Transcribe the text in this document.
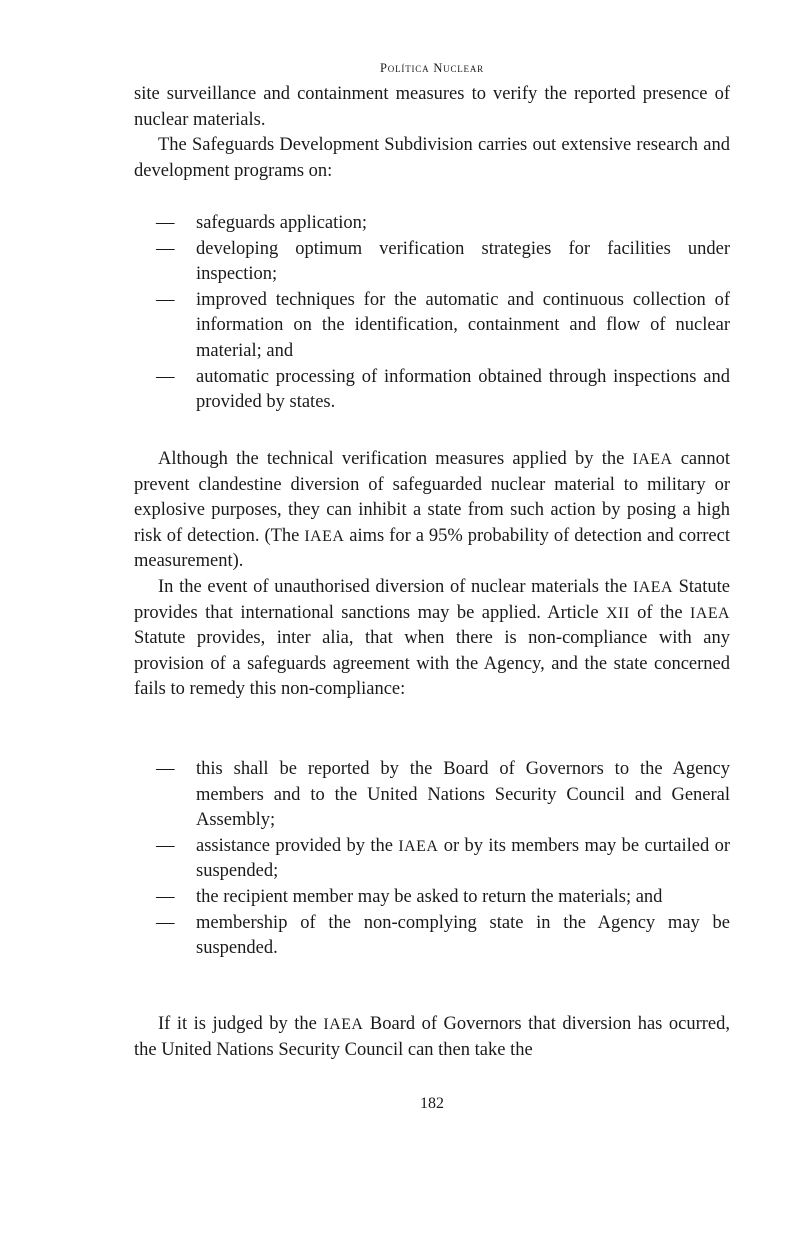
Política Nuclear

site surveillance and containment measures to verify the reported presence of nuclear materials.

The Safeguards Development Subdivision carries out extensive research and development programs on:

— safeguards application;
— developing optimum verification strategies for facilities under inspection;
— improved techniques for the automatic and continuous collection of information on the identification, containment and flow of nuclear material; and
— automatic processing of information obtained through inspections and provided by states.

Although the technical verification measures applied by the IAEA cannot prevent clandestine diversion of safeguarded nuclear material to military or explosive purposes, they can inhibit a state from such action by posing a high risk of detection. (The IAEA aims for a 95% probability of detection and correct measurement).

In the event of unauthorised diversion of nuclear materials the IAEA Statute provides that international sanctions may be applied. Article XII of the IAEA Statute provides, inter alia, that when there is non-compliance with any provision of a safeguards agreement with the Agency, and the state concerned fails to remedy this non-compliance:

— this shall be reported by the Board of Governors to the Agency members and to the United Nations Security Council and General Assembly;
— assistance provided by the IAEA or by its members may be curtailed or suspended;
— the recipient member may be asked to return the materials; and
— membership of the non-complying state in the Agency may be suspended.

If it is judged by the IAEA Board of Governors that diversion has ocurred, the United Nations Security Council can then take the

182
